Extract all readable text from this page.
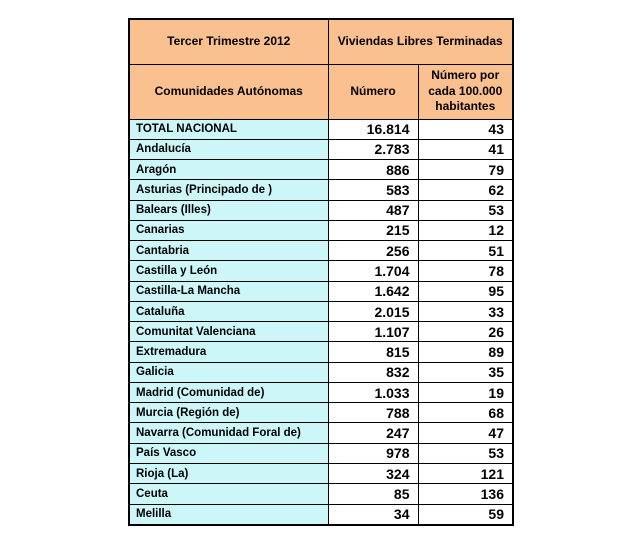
Tercer Trimestre 2012	Viviendas Libres Terminadas	
Comunidades Autónomas	Número	Número por cada 100.000 habitantes
TOTAL NACIONAL	16.814	43
Andalucía	2.783	41
Aragón	886	79
Asturias (Principado de )	583	62
Balears (Illes)	487	53
Canarias	215	12
Cantabria	256	51
Castilla y León	1.704	78
Castilla-La Mancha	1.642	95
Cataluña	2.015	33
Comunitat Valenciana	1.107	26
Extremadura	815	89
Galicia	832	35
Madrid (Comunidad de)	1.033	19
Murcia (Región de)	788	68
Navarra (Comunidad Foral de)	247	47
País Vasco	978	53
Rioja (La)	324	121
Ceuta	85	136
Melilla	34	59
